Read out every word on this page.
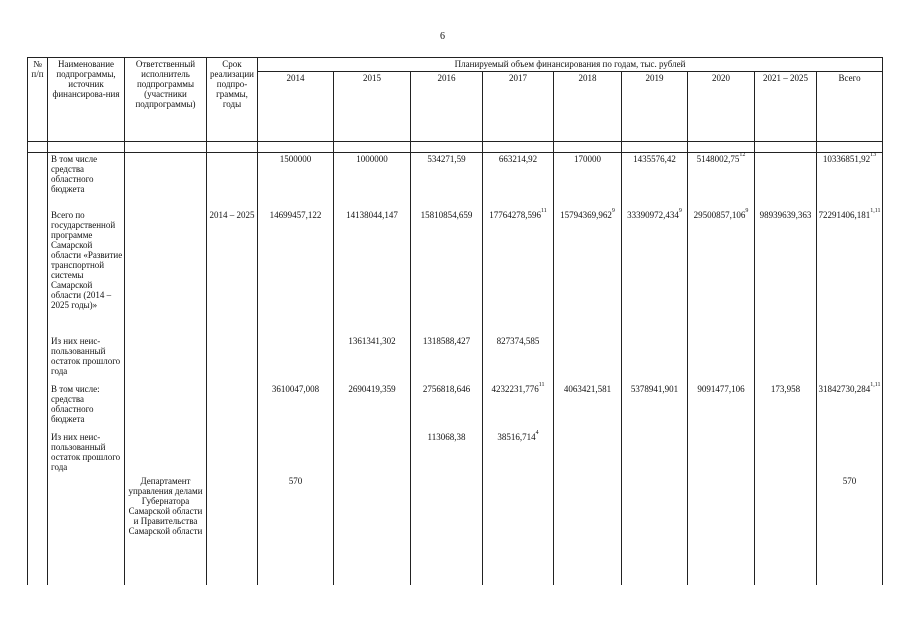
6
№ п/п	Наименование подпрограммы, источник финансирова-ния	Ответственный исполнитель подпрограммы (участники подпрограммы)	Срок реализации подпро-граммы, годы	Планируемый объем финансирования по годам, тыс. рублей								
				2014	2015	2016	2017	2018	2019	2020	2021 – 2025	Всего

	В том числе средства областного бюджета			1500000	1000000	534271,59	663214,92	170000	1435576,42	5148002,75$^{12}$		10336851,92$^{13}$
	Всего по государственной программе Самарской области «Развитие транспортной системы Самарской области (2014 – 2025 годы)»		2014 – 2025	14699457,122	14138044,147	15810854,659	17764278,596$^{11}$	15794369,962$^9$	33390972,434$^9$	29500857,106$^9$	98939639,363	72291406,181$^{1,11}$
	Из них неис-пользованный остаток прошлого года				1361341,302	1318588,427	827374,585					
	В том числе: средства областного бюджета			3610047,008	2690419,359	2756818,646	4232231,776$^{11}$	4063421,581	5378941,901	9091477,106	173,958	31842730,284$^{1,11}$
	Из них неис-пользованный остаток прошлого года					113068,38	38516,714$^4$					
		Департамент управления делами Губернатора Самарской области и Правительства Самарской области		570								570
